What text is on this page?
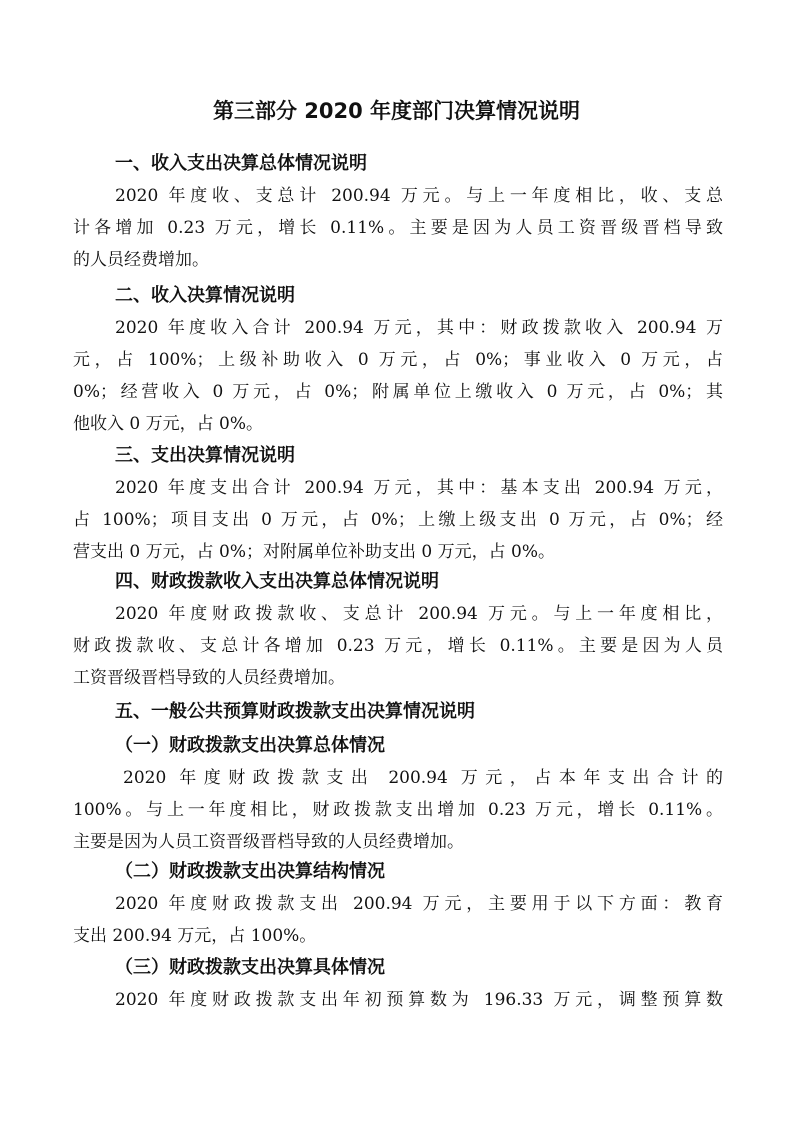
第三部分 2020 年度部门决算情况说明
一、收入支出决算总体情况说明
2020 年度收、支总计 200.94 万元。与上一年度相比，收、支总
计各增加 0.23 万元，增长 0.11%。主要是因为人员工资晋级晋档导致
的人员经费增加。
二、收入决算情况说明
2020 年度收入合计 200.94 万元，其中：财政拨款收入 200.94 万
元，占 100%；上级补助收入 0 万元，占 0%；事业收入 0 万元，占
0%；经营收入 0 万元，占 0%；附属单位上缴收入 0 万元，占 0%；其
他收入 0 万元，占 0%。
三、支出决算情况说明
2020 年度支出合计 200.94 万元，其中：基本支出 200.94 万元，
占 100%；项目支出 0 万元，占 0%；上缴上级支出 0 万元，占 0%；经
营支出 0 万元，占 0%；对附属单位补助支出 0 万元，占 0%。
四、财政拨款收入支出决算总体情况说明
2020 年度财政拨款收、支总计 200.94 万元。与上一年度相比，
财政拨款收、支总计各增加 0.23 万元，增长 0.11%。主要是因为人员
工资晋级晋档导致的人员经费增加。
五、一般公共预算财政拨款支出决算情况说明
（一）财政拨款支出决算总体情况
2020 年度财政拨款支出 200.94 万元，占本年支出合计的
100%。与上一年度相比，财政拨款支出增加 0.23 万元，增长 0.11%。
主要是因为人员工资晋级晋档导致的人员经费增加。
（二）财政拨款支出决算结构情况
2020 年度财政拨款支出 200.94 万元，主要用于以下方面：教育
支出 200.94 万元，占 100%。
（三）财政拨款支出决算具体情况
2020 年度财政拨款支出年初预算数为 196.33 万元，调整预算数
